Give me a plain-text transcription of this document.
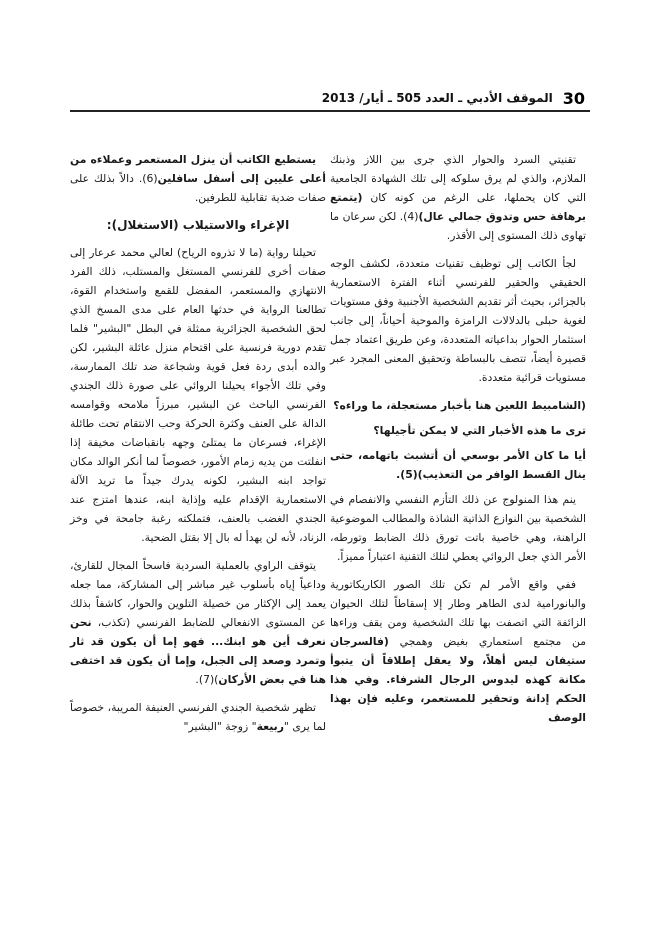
30
الموقف الأدبي ـ العدد 505 ـ أيار/ 2013

تقنيتي السرد والحوار الذي جرى بين اللاز وذبنك الملازم، والذي لم يرق سلوكه إلى تلك الشهادة الجامعية التي كان يحملها، على الرغم من كونه كان (يتمتع برهافة حس وتدوق جمالي عال)(4). لكن سرعان ما تهاوى ذلك المستوى إلى الأقذر.

لجأ الكاتب إلى توظيف تقنيات متعددة، لكشف الوجه الحقيقي والحقير للفرنسي أثناء الفترة الاستعمارية بالجزائر، بحيث أثر تقديم الشخصية الأجنبية وفق مستويات لغوية حبلى بالدلالات الرامزة والموحية أحياناً، إلى جانب استثمار الحوار بداعياته المتعددة، وعن طريق اعتماد جمل قصيرة أيضاً، تتصف بالبساطة وتحقيق المعنى المجرد عبر مستويات قرائية متعددة.

(الشامبيط اللعين هنا بأخبار مستعجلة، ما وراءه؟

ترى ما هذه الأخبار التي لا يمكن تأجيلها؟

أيا ما كان الأمر بوسعي أن أتشبث باتهامه، حتى ينال القسط الوافر من التعذيب)(5).

ينم هذا المنولوج عن ذلك التأزم النفسي والانفصام في الشخصية بين النوازع الذاتية الشاذة والمطالب الموضوعية الراهنة، وهي خاصية باتت تورق ذلك الضابط وتورطه، الأمر الذي جعل الروائي يعطي لتلك التقنية اعتباراً مميزاً.

ففي واقع الأمر لم تكن تلك الصور الكاريكاتورية والبانورامية لدى الطاهر وطار إلا إسقاطاً لتلك الحيوان الزائفة التي اتصفت بها تلك الشخصية ومن يقف وراءها من مجتمع استعماري بغيض وهمجي (فالسرجان ستيفان ليس أهلاً، ولا يعقل إطلاقاً أن يتبوأ مكانة كهذه ليدوس الرجال الشرفاء. وفي هذا الحكم إدانة وتحقير للمستعمر، وعليه فإن بهذا الوصف

يستطيع الكاتب أن ينزل المستعمر وعملاءه من أعلى عليين إلى أسفل سافلين(6). دالاً بذلك على صفات ضدية تقابلية للطرفين.

الإغراء والاستيلاب (الاستغلال):

تحيلنا رواية (ما لا تذروه الرياح) لعالي محمد عرعار إلى صفات أخرى للفرنسي المستغل والمستلب، ذلك الفرد الانتهازي والمستعمر، المفضل للقمع واستخدام القوة، تطالعنا الرواية في حدثها العام على مدى المسخ الذي لحق الشخصية الجزائرية ممثلة في البطل "البشير" فلما تقدم دورية فرنسية على اقتحام منزل عائلة البشير، لكن والده أبدى ردة فعل قوية وشجاعة ضد تلك الممارسة، وفي تلك الأجواء يحيلنا الروائي على صورة ذلك الجندي الفرنسي الباحث عن البشير، مبرزاً ملامحه وقوامسه الدالة على العنف وكثرة الحركة وحب الانتقام تحت طائلة الإغراء، فسرعان ما يمتلئ وجهه بانقباضات مخيفة إذا انفلتت من يديه زمام الأمور، خصوصاً لما أنكر الوالد مكان تواجد ابنه البشير، لكونه يدرك جيداً ما تريد الآلة الاستعمارية الإقدام عليه وإذاية ابنه، عندها امتزج عند الجندي الغضب بالعنف، فتملكته رغبة جامحة في وخز الزناد، لأنه لن يهدأ له بال إلا بقتل الضحية.

يتوقف الراوي بالعملية السردية فاسحاً المجال للقارئ، وداعياً إياه بأسلوب غير مباشر إلى المشاركة، مما جعله يعمد إلى الإكثار من خصيلة التلوين والحوار، كاشفاً بذلك عن المستوى الانفعالي للضابط الفرنسي (تكذب، نحن نعرف أين هو ابنك... فهو إما أن يكون قد ثار وتمرد وصعد إلى الجبل، وإما أن يكون قد اختفى هنا في بعض الأركان)(7).

تظهر شخصية الجندي الفرنسي العنيفة المريبة، خصوصاً لما يرى "ربيعة" زوجة "البشير"
